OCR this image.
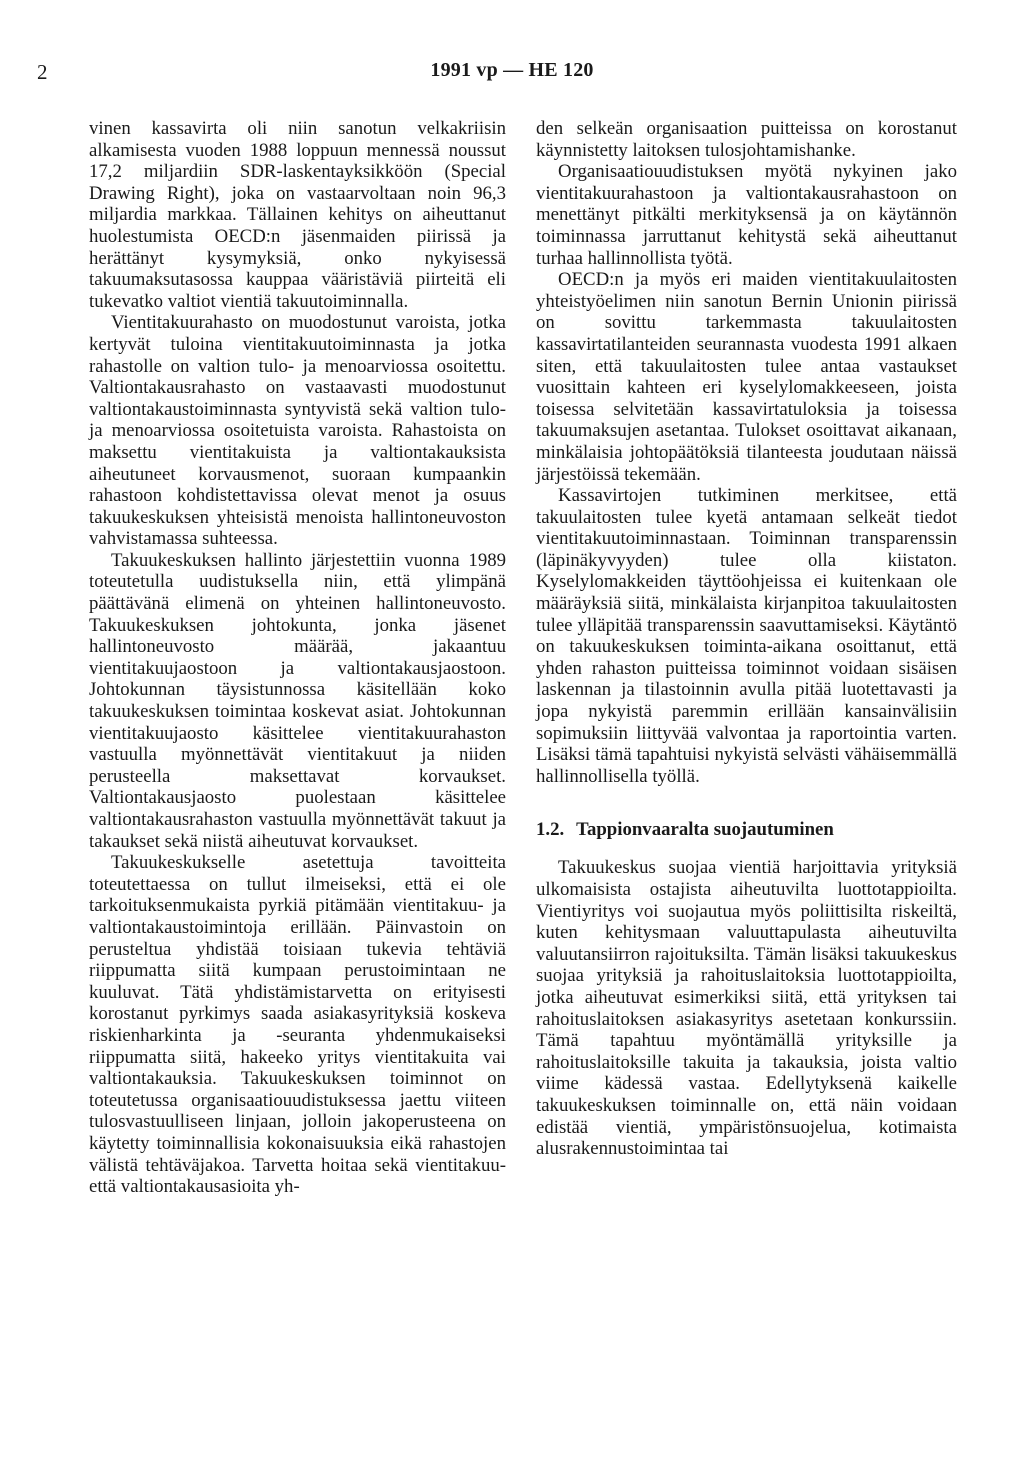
2	1991 vp — HE 120

vinen kassavirta oli niin sanotun velkakriisin alkamisesta vuoden 1988 loppuun mennessä noussut 17,2 miljardiin SDR-laskentayksikköön (Special Drawing Right), joka on vastaarvoltaan noin 96,3 miljardia markkaa. Tällainen kehitys on aiheuttanut huolestumista OECD:n jäsenmaiden piirissä ja herättänyt kysymyksiä, onko nykyisessä takuumaksutasossa kauppaa vääristäviä piirteitä eli tukevatko valtiot vientiä takuutoiminnalla.

Vientitakuurahasto on muodostunut varoista, jotka kertyvät tuloina vientitakuutoiminnasta ja jotka rahastolle on valtion tulo- ja menoarviossa osoitettu. Valtiontakausrahasto on vastaavasti muodostunut valtiontakaustoiminnasta syntyvistä sekä valtion tulo- ja menoarviossa osoitetuista varoista. Rahastoista on maksettu vientitakuista ja valtiontakauksista aiheutuneet korvausmenot, suoraan kumpaankin rahastoon kohdistettavissa olevat menot ja osuus takuukeskuksen yhteisistä menoista hallintoneuvoston vahvistamassa suhteessa.

Takuukeskuksen hallinto järjestettiin vuonna 1989 toteutetulla uudistuksella niin, että ylimpänä päättävänä elimenä on yhteinen hallintoneuvosto. Takuukeskuksen johtokunta, jonka jäsenet hallintoneuvosto määrää, jakaantuu vientitakuujaostoon ja valtiontakausjaostoon. Johtokunnan täysistunnossa käsitellään koko takuukeskuksen toimintaa koskevat asiat. Johtokunnan vientitakuujaosto käsittelee vientitakuurahaston vastuulla myönnettävät vientitakuut ja niiden perusteella maksettavat korvaukset. Valtiontakausjaosto puolestaan käsittelee valtiontakausrahaston vastuulla myönnettävät takuut ja takaukset sekä niistä aiheutuvat korvaukset.

Takuukeskukselle asetettuja tavoitteita toteutettaessa on tullut ilmeiseksi, että ei ole tarkoituksenmukaista pyrkiä pitämään vientitakuu- ja valtiontakaustoimintoja erillään. Päinvastoin on perusteltua yhdistää toisiaan tukevia tehtäviä riippumatta siitä kumpaan perustoimintaan ne kuuluvat. Tätä yhdistämistarvetta on erityisesti korostanut pyrkimys saada asiakasyrityksiä koskeva riskienharkinta ja -seuranta yhdenmukaiseksi riippumatta siitä, hakeeko yritys vientitakuita vai valtiontakauksia. Takuukeskuksen toiminnot on toteutetussa organisaatiouudistuksessa jaettu viiteen tulosvastuulliseen linjaan, jolloin jakoperusteena on käytetty toiminnallisia kokonaisuuksia eikä rahastojen välistä tehtäväjakoa. Tarvetta hoitaa sekä vientitakuu- että valtiontakausasioita yh-

den selkeän organisaation puitteissa on korostanut käynnistetty laitoksen tulosjohtamishanke.

Organisaatiouudistuksen myötä nykyinen jako vientitakuurahastoon ja valtiontakausrahastoon on menettänyt pitkälti merkityksensä ja on käytännön toiminnassa jarruttanut kehitystä sekä aiheuttanut turhaa hallinnollista työtä.

OECD:n ja myös eri maiden vientitakuulaitosten yhteistyöelimen niin sanotun Bernin Unionin piirissä on sovittu tarkemmasta takuulaitosten kassavirtatilanteiden seurannasta vuodesta 1991 alkaen siten, että takuulaitosten tulee antaa vastaukset vuosittain kahteen eri kyselylomakkeeseen, joista toisessa selvitetään kassavirtatuloksia ja toisessa takuumaksujen asetantaa. Tulokset osoittavat aikanaan, minkälaisia johtopäätöksiä tilanteesta joudutaan näissä järjestöissä tekemään.

Kassavirtojen tutkiminen merkitsee, että takuulaitosten tulee kyetä antamaan selkeät tiedot vientitakuutoiminnastaan. Toiminnan transparenssin (läpinäkyvyyden) tulee olla kiistaton. Kyselylomakkeiden täyttöohjeissa ei kuitenkaan ole määräyksiä siitä, minkälaista kirjanpitoa takuulaitosten tulee ylläpitää transparenssin saavuttamiseksi. Käytäntö on takuukeskuksen toiminta-aikana osoittanut, että yhden rahaston puitteissa toiminnot voidaan sisäisen laskennan ja tilastoinnin avulla pitää luotettavasti ja jopa nykyistä paremmin erillään kansainvälisiin sopimuksiin liittyvää valvontaa ja raportointia varten. Lisäksi tämä tapahtuisi nykyistä selvästi vähäisemmällä hallinnollisella työllä.

1.2. Tappionvaaralta suojautuminen

Takuukeskus suojaa vientiä harjoittavia yrityksiä ulkomaisista ostajista aiheutuvilta luottotappioilta. Vientiyritys voi suojautua myös poliittisilta riskeiltä, kuten kehitysmaan valuuttapulasta aiheutuvilta valuutansiirron rajoituksilta. Tämän lisäksi takuukeskus suojaa yrityksiä ja rahoituslaitoksia luottotappioilta, jotka aiheutuvat esimerkiksi siitä, että yrityksen tai rahoituslaitoksen asiakasyritys asetetaan konkurssiin. Tämä tapahtuu myöntämällä yrityksille ja rahoituslaitoksille takuita ja takauksia, joista valtio viime kädessä vastaa. Edellytyksenä kaikelle takuukeskuksen toiminnalle on, että näin voidaan edistää vientiä, ympäristönsuojelua, kotimaista alusrakennustoimintaa tai
